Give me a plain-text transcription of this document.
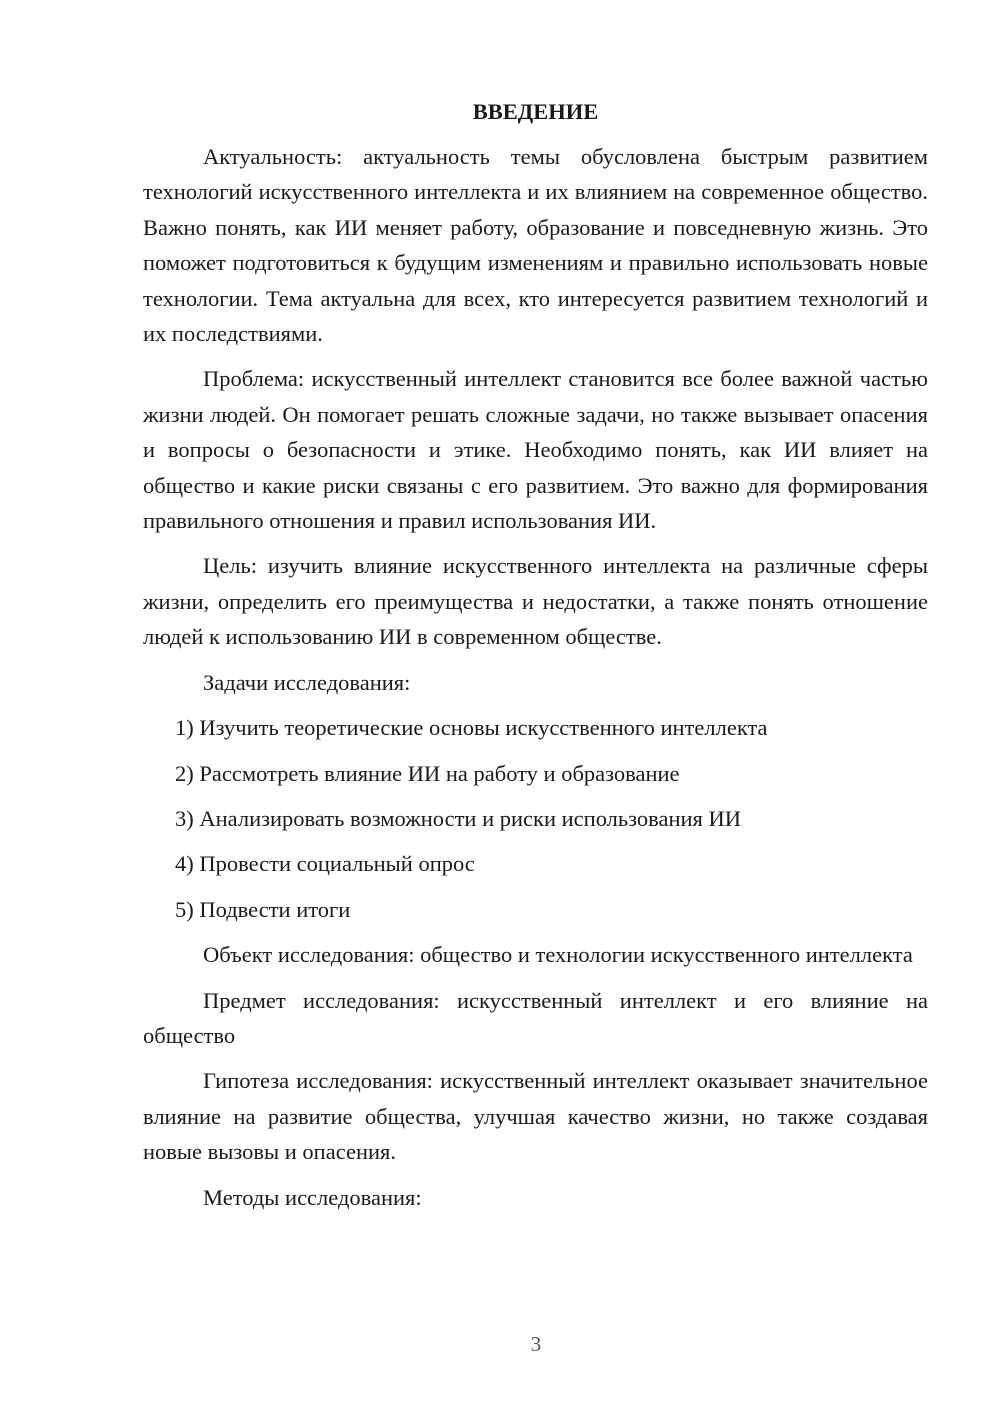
ВВЕДЕНИЕ

Актуальность: актуальность темы обусловлена быстрым развитием технологий искусственного интеллекта и их влиянием на современное общество. Важно понять, как ИИ меняет работу, образование и повседневную жизнь. Это поможет подготовиться к будущим изменениям и правильно использовать новые технологии. Тема актуальна для всех, кто интересуется развитием технологий и их последствиями.

Проблема: искусственный интеллект становится все более важной частью жизни людей. Он помогает решать сложные задачи, но также вызывает опасения и вопросы о безопасности и этике. Необходимо понять, как ИИ влияет на общество и какие риски связаны с его развитием. Это важно для формирования правильного отношения и правил использования ИИ.

Цель: изучить влияние искусственного интеллекта на различные сферы жизни, определить его преимущества и недостатки, а также понять отношение людей к использованию ИИ в современном обществе.

Задачи исследования:

1) Изучить теоретические основы искусственного интеллекта

2) Рассмотреть влияние ИИ на работу и образование

3) Анализировать возможности и риски использования ИИ

4) Провести социальный опрос

5) Подвести итоги

Объект исследования: общество и технологии искусственного интеллекта

Предмет исследования: искусственный интеллект и его влияние на общество

Гипотеза исследования: искусственный интеллект оказывает значительное влияние на развитие общества, улучшая качество жизни, но также создавая новые вызовы и опасения.

Методы исследования:

3
